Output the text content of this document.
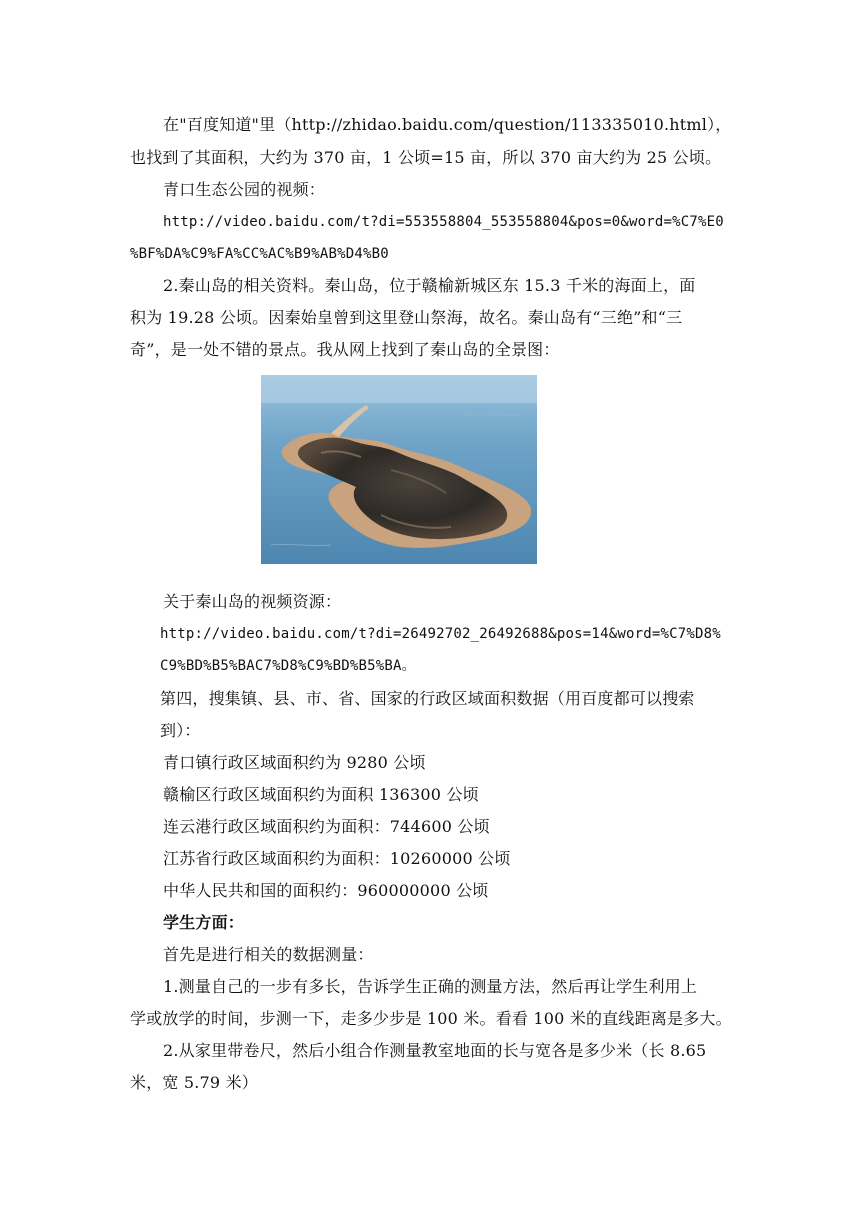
在"百度知道"里（http://zhidao.baidu.com/question/113335010.html），
也找到了其面积，大约为 370 亩，1 公顷=15 亩，所以 370 亩大约为 25 公顷。
青口生态公园的视频：
http://video.baidu.com/t?di=553558804_553558804&pos=0&word=%C7%E0
%BF%DA%C9%FA%CC%AC%B9%AB%D4%B0
2.秦山岛的相关资料。秦山岛，位于赣榆新城区东 15.3 千米的海面上，面
积为 19.28 公顷。因秦始皇曾到这里登山祭海，故名。秦山岛有“三绝”和“三
奇”，是一处不错的景点。我从网上找到了秦山岛的全景图：
关于秦山岛的视频资源：
http://video.baidu.com/t?di=26492702_26492688&pos=14&word=%C7%D8%
C9%BD%B5%BAC7%D8%C9%BD%B5%BA。
第四，搜集镇、县、市、省、国家的行政区域面积数据（用百度都可以搜索
到）：
青口镇行政区域面积约为 9280 公顷
赣榆区行政区域面积约为面积 136300 公顷
连云港行政区域面积约为面积：744600 公顷
江苏省行政区域面积约为面积：10260000 公顷
中华人民共和国的面积约：960000000 公顷
学生方面：
首先是进行相关的数据测量：
1.测量自己的一步有多长，告诉学生正确的测量方法，然后再让学生利用上
学或放学的时间，步测一下，走多少步是 100 米。看看 100 米的直线距离是多大。
2.从家里带卷尺，然后小组合作测量教室地面的长与宽各是多少米（长 8.65
米，宽 5.79 米）
